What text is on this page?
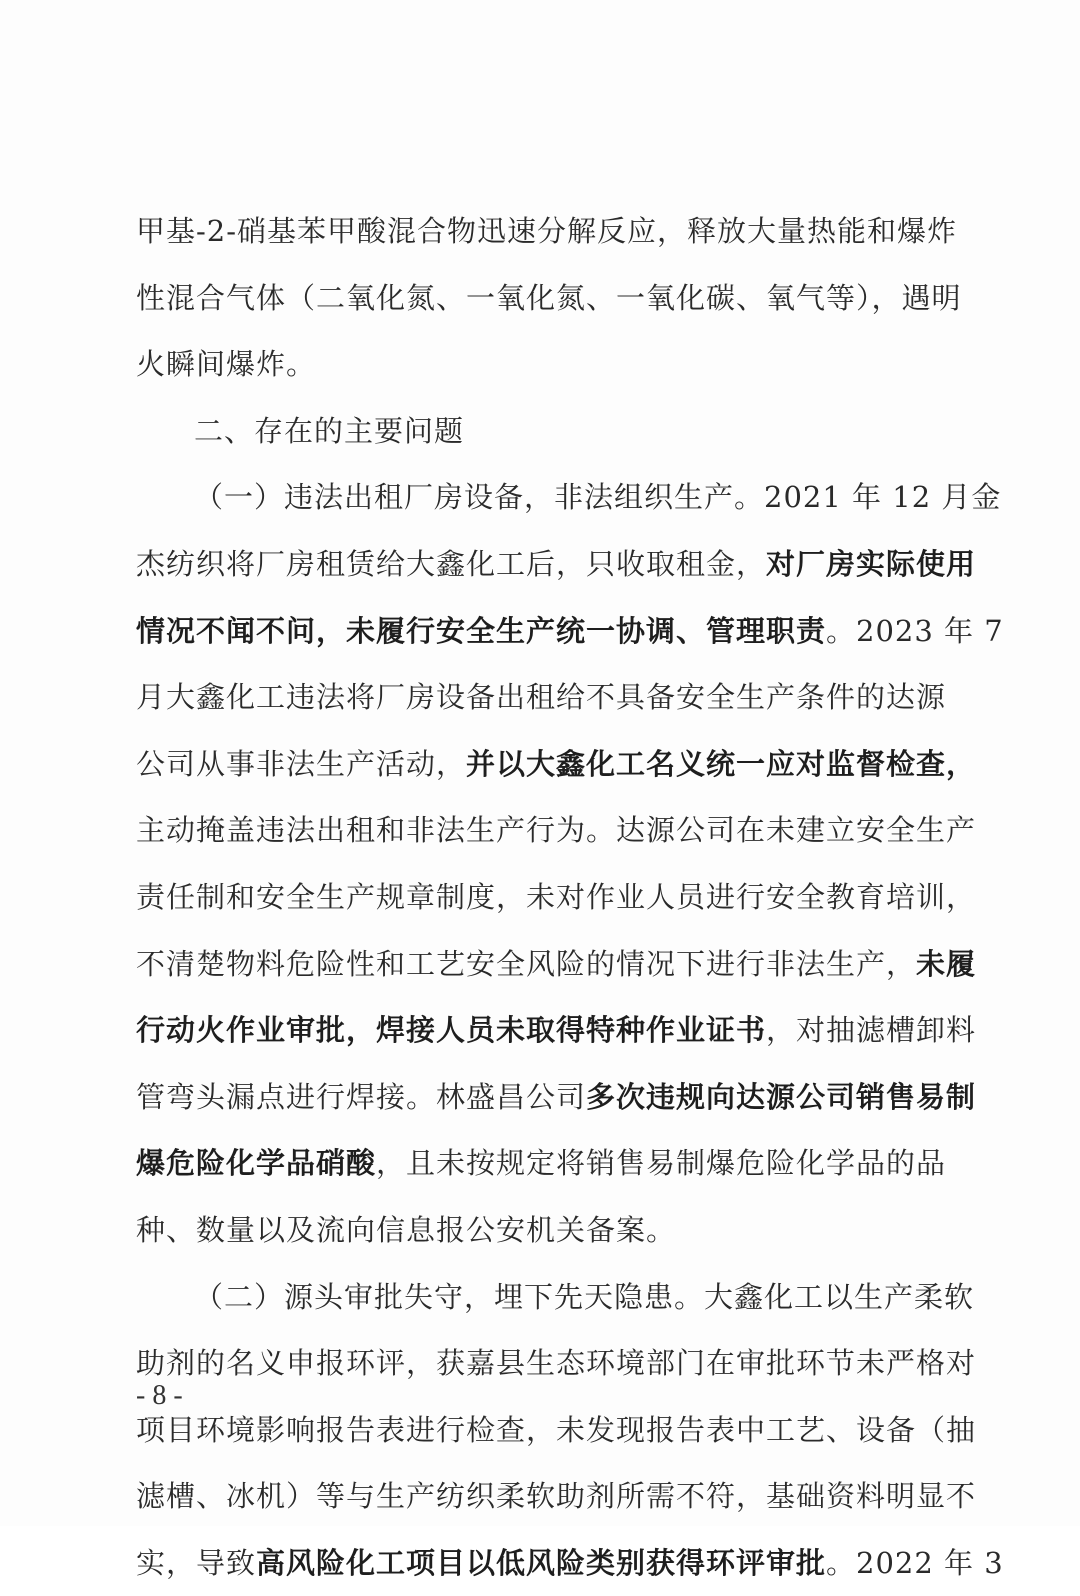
甲基-2-硝基苯甲酸混合物迅速分解反应，释放大量热能和爆炸
性混合气体（二氧化氮、一氧化氮、一氧化碳、氧气等），遇明
火瞬间爆炸。
二、存在的主要问题
（一）违法出租厂房设备，非法组织生产。2021 年 12 月金
杰纺织将厂房租赁给大鑫化工后，只收取租金，对厂房实际使用
情况不闻不问，未履行安全生产统一协调、管理职责。2023 年 7
月大鑫化工违法将厂房设备出租给不具备安全生产条件的达源
公司从事非法生产活动，并以大鑫化工名义统一应对监督检查，
主动掩盖违法出租和非法生产行为。达源公司在未建立安全生产
责任制和安全生产规章制度，未对作业人员进行安全教育培训，
不清楚物料危险性和工艺安全风险的情况下进行非法生产，未履
行动火作业审批，焊接人员未取得特种作业证书，对抽滤槽卸料
管弯头漏点进行焊接。林盛昌公司多次违规向达源公司销售易制
爆危险化学品硝酸，且未按规定将销售易制爆危险化学品的品
种、数量以及流向信息报公安机关备案。
（二）源头审批失守，埋下先天隐患。大鑫化工以生产柔软
助剂的名义申报环评，获嘉县生态环境部门在审批环节未严格对
项目环境影响报告表进行检查，未发现报告表中工艺、设备（抽
滤槽、冰机）等与生产纺织柔软助剂所需不符，基础资料明显不
实，导致高风险化工项目以低风险类别获得环评审批。2022 年 3
- 8 -
